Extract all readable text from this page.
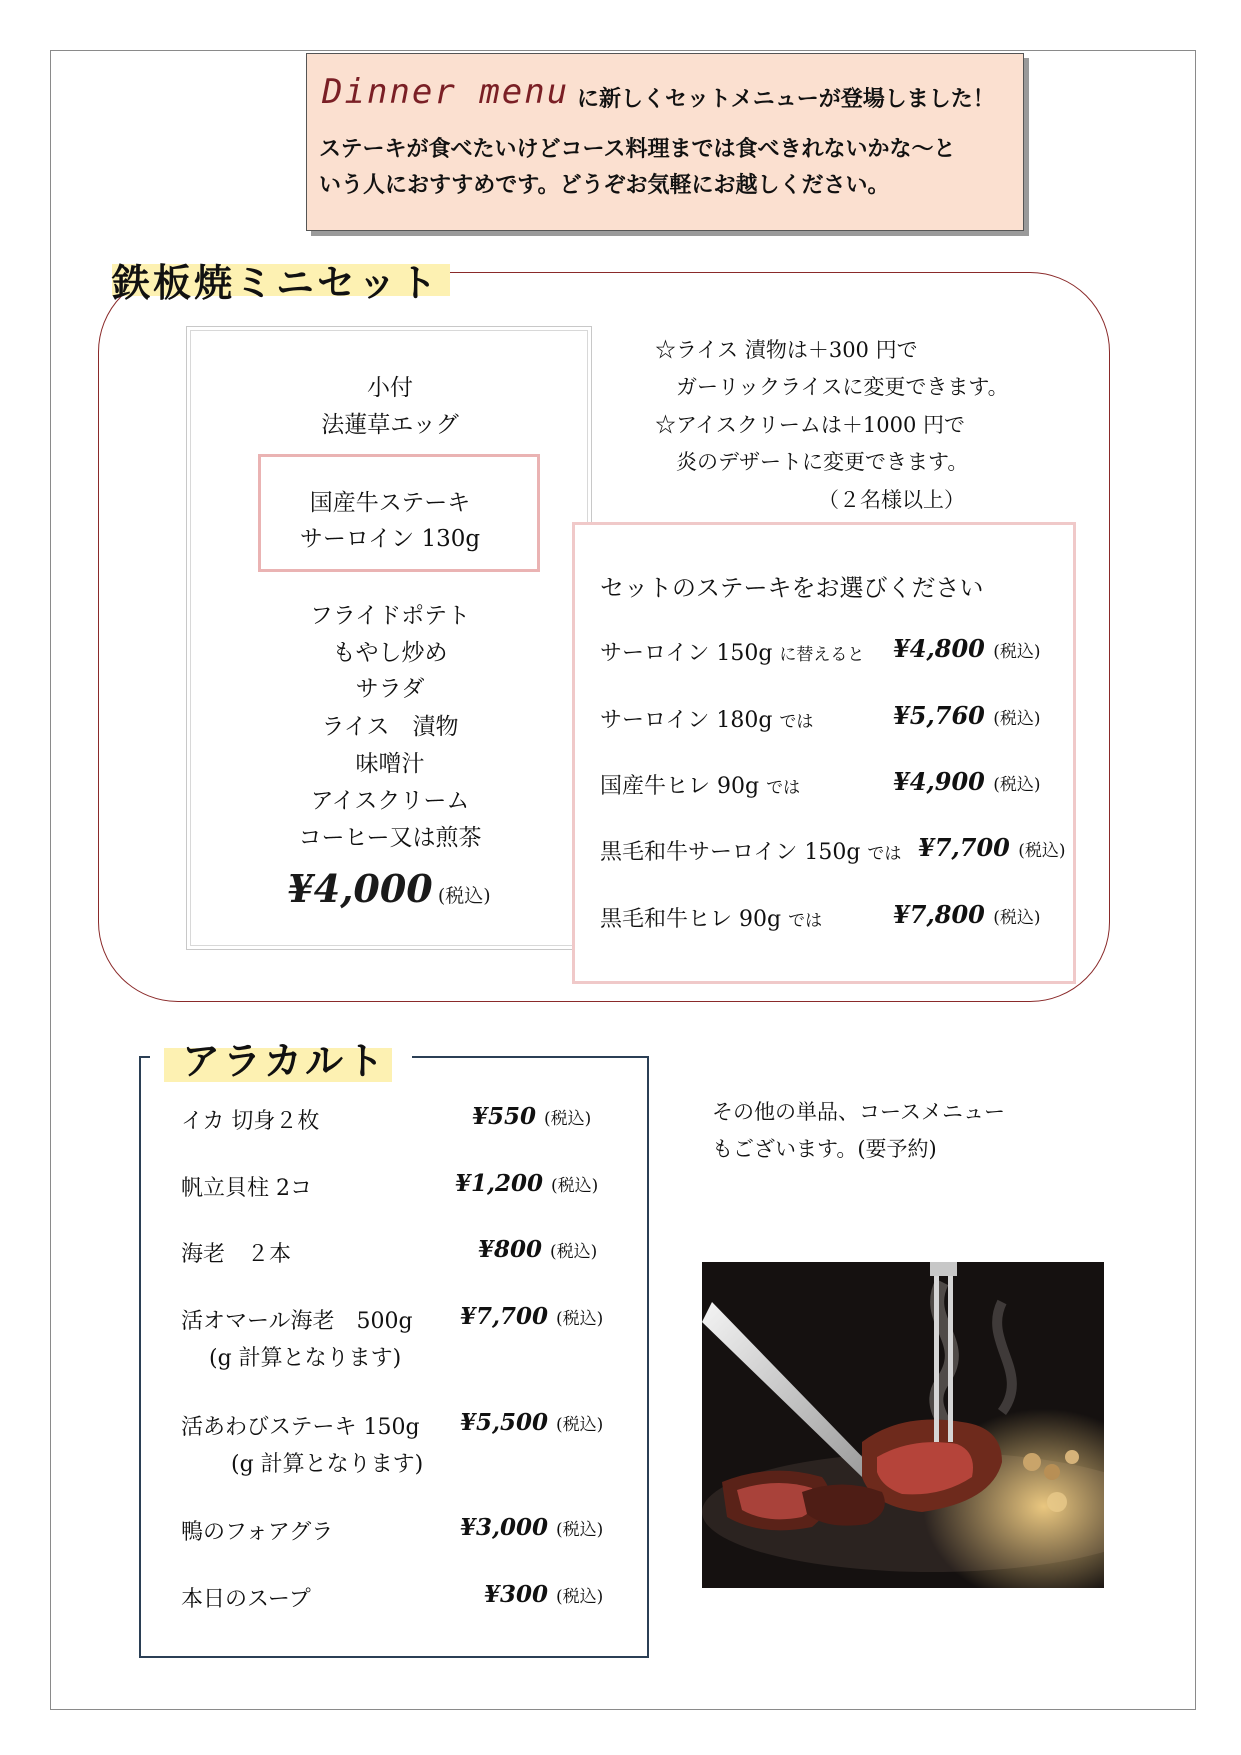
Dinner menu に新しくセットメニューが登場しました！
ステーキが食べたいけどコース料理までは食べきれないかな～と
いう人におすすめです。どうぞお気軽にお越しください。
鉄板焼ミニセット
小付
法蓮草エッグ
国産牛ステーキ
サーロイン 130g
フライドポテト
もやし炒め
サラダ
ライス　漬物
味噌汁
アイスクリーム
コーヒー又は煎茶
¥4,000 (税込)
☆ライス 漬物は＋300 円で
ガーリックライスに変更できます。
☆アイスクリームは＋1000 円で
炎のデザートに変更できます。
（２名様以上）
セットのステーキをお選びください
サーロイン 150g に替えると ¥4,800 (税込)
サーロイン 180g では	¥5,760 (税込)
国産牛ヒレ 90g では	¥4,900 (税込)
黒毛和牛サーロイン 150g では ¥7,700 (税込)
黒毛和牛ヒレ 90g では	¥7,800 (税込)
アラカルト
イカ 切身２枚	¥550 (税込)
帆立貝柱 2コ	¥1,200 (税込)
海老　２本	¥800 (税込)
活オマール海老　500g ¥7,700 (税込)
(g 計算となります)
活あわびステーキ 150g ¥5,500 (税込)
(g 計算となります)
鴨のフォアグラ	¥3,000 (税込)
本日のスープ	¥300 (税込)
その他の単品、コースメニュー
もございます。(要予約)
